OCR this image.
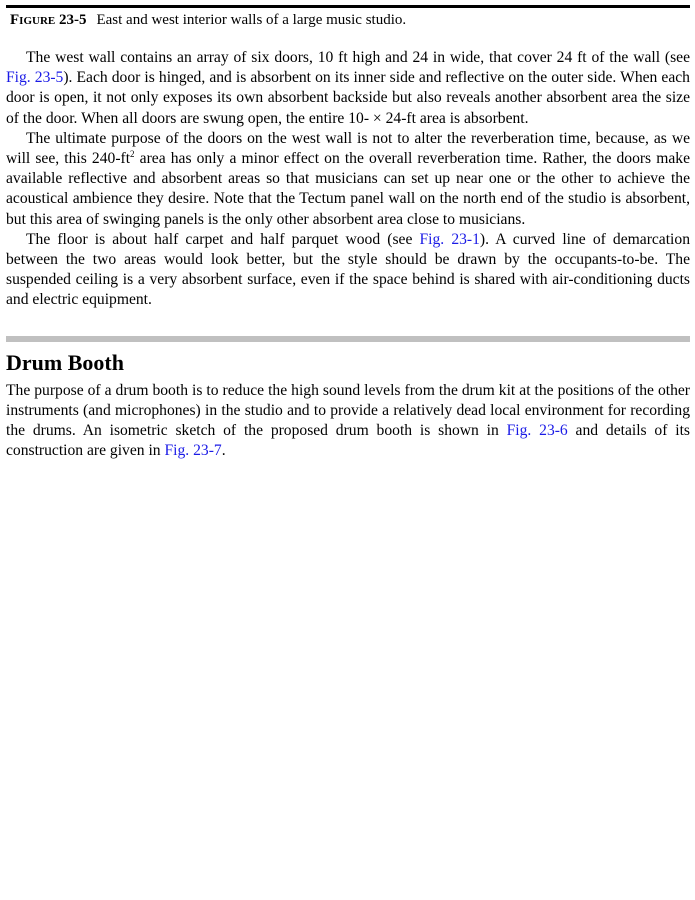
Figure 23-5 East and west interior walls of a large music studio.

The west wall contains an array of six doors, 10 ft high and 24 in wide, that cover 24 ft of the wall (see Fig. 23-5). Each door is hinged, and is absorbent on its inner side and reflective on the outer side. When each door is open, it not only exposes its own absorbent backside but also reveals another absorbent area the size of the door. When all doors are swung open, the entire 10- × 24-ft area is absorbent.

The ultimate purpose of the doors on the west wall is not to alter the reverberation time, because, as we will see, this $240-ft^2$ area has only a minor effect on the overall reverberation time. Rather, the doors make available reflective and absorbent areas so that musicians can set up near one or the other to achieve the acoustical ambience they desire. Note that the Tectum panel wall on the north end of the studio is absorbent, but this area of swinging panels is the only other absorbent area close to musicians.

The floor is about half carpet and half parquet wood (see Fig. 23-1). A curved line of demarcation between the two areas would look better, but the style should be drawn by the occupants-to-be. The suspended ceiling is a very absorbent surface, even if the space behind is shared with air-conditioning ducts and electric equipment.

Drum Booth

The purpose of a drum booth is to reduce the high sound levels from the drum kit at the positions of the other instruments (and microphones) in the studio and to provide a relatively dead local environment for recording the drums. An isometric sketch of the proposed drum booth is shown in Fig. 23-6 and details of its construction are given in Fig. 23-7.
